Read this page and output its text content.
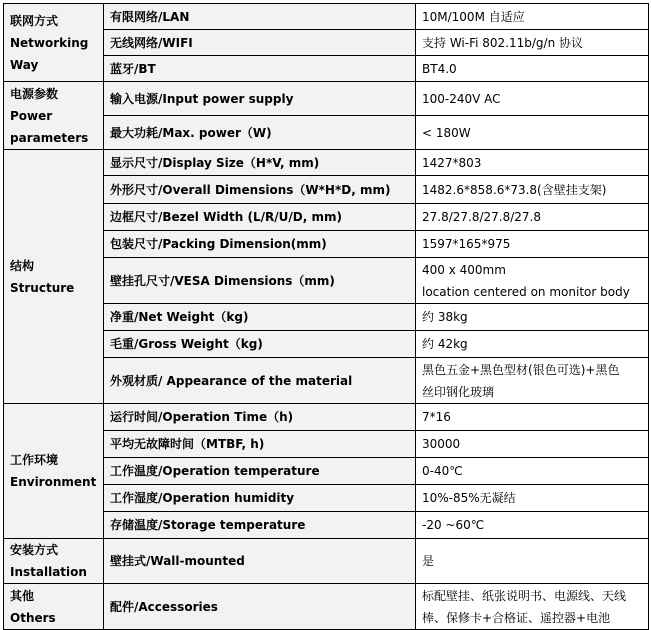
联网方式
Networking
Way	有限网络/LAN	10M/100M 自适应
	无线网络/WIFI	支持 Wi-Fi 802.11b/g/n 协议
	蓝牙/BT	BT4.0

电源参数
Power
parameters	输入电源/Input power supply	100-240V AC
	最大功耗/Max. power（W)	< 180W

结构
Structure	显示尺寸/Display Size（H*V, mm)	1427*803
	外形尺寸/Overall Dimensions（W*H*D, mm)	1482.6*858.6*73.8(含壁挂支架)
	边框尺寸/Bezel Width (L/R/U/D, mm)	27.8/27.8/27.8/27.8
	包装尺寸/Packing Dimension(mm)	1597*165*975
	壁挂孔尺寸/VESA Dimensions（mm)	400 x 400mm
location centered on monitor body

	净重/Net Weight（kg)	约 38kg
	毛重/Gross Weight（kg)	约 42kg
	外观材质/ Appearance of the material	黑色五金+黑色型材(银色可选)+黑色
丝印钢化玻璃

工作环境
Environment	运行时间/Operation Time（h)	7*16
	平均无故障时间（MTBF, h)	30000
	工作温度/Operation temperature	0-40℃
	工作湿度/Operation humidity	10%-85%无凝结
	存储温度/Storage temperature	-20 ~60℃

安装方式
Installation	壁挂式/Wall-mounted	是

其他
Others	配件/Accessories	标配壁挂、纸张说明书、电源线、天线
棒、保修卡+合格证、遥控器+电池
